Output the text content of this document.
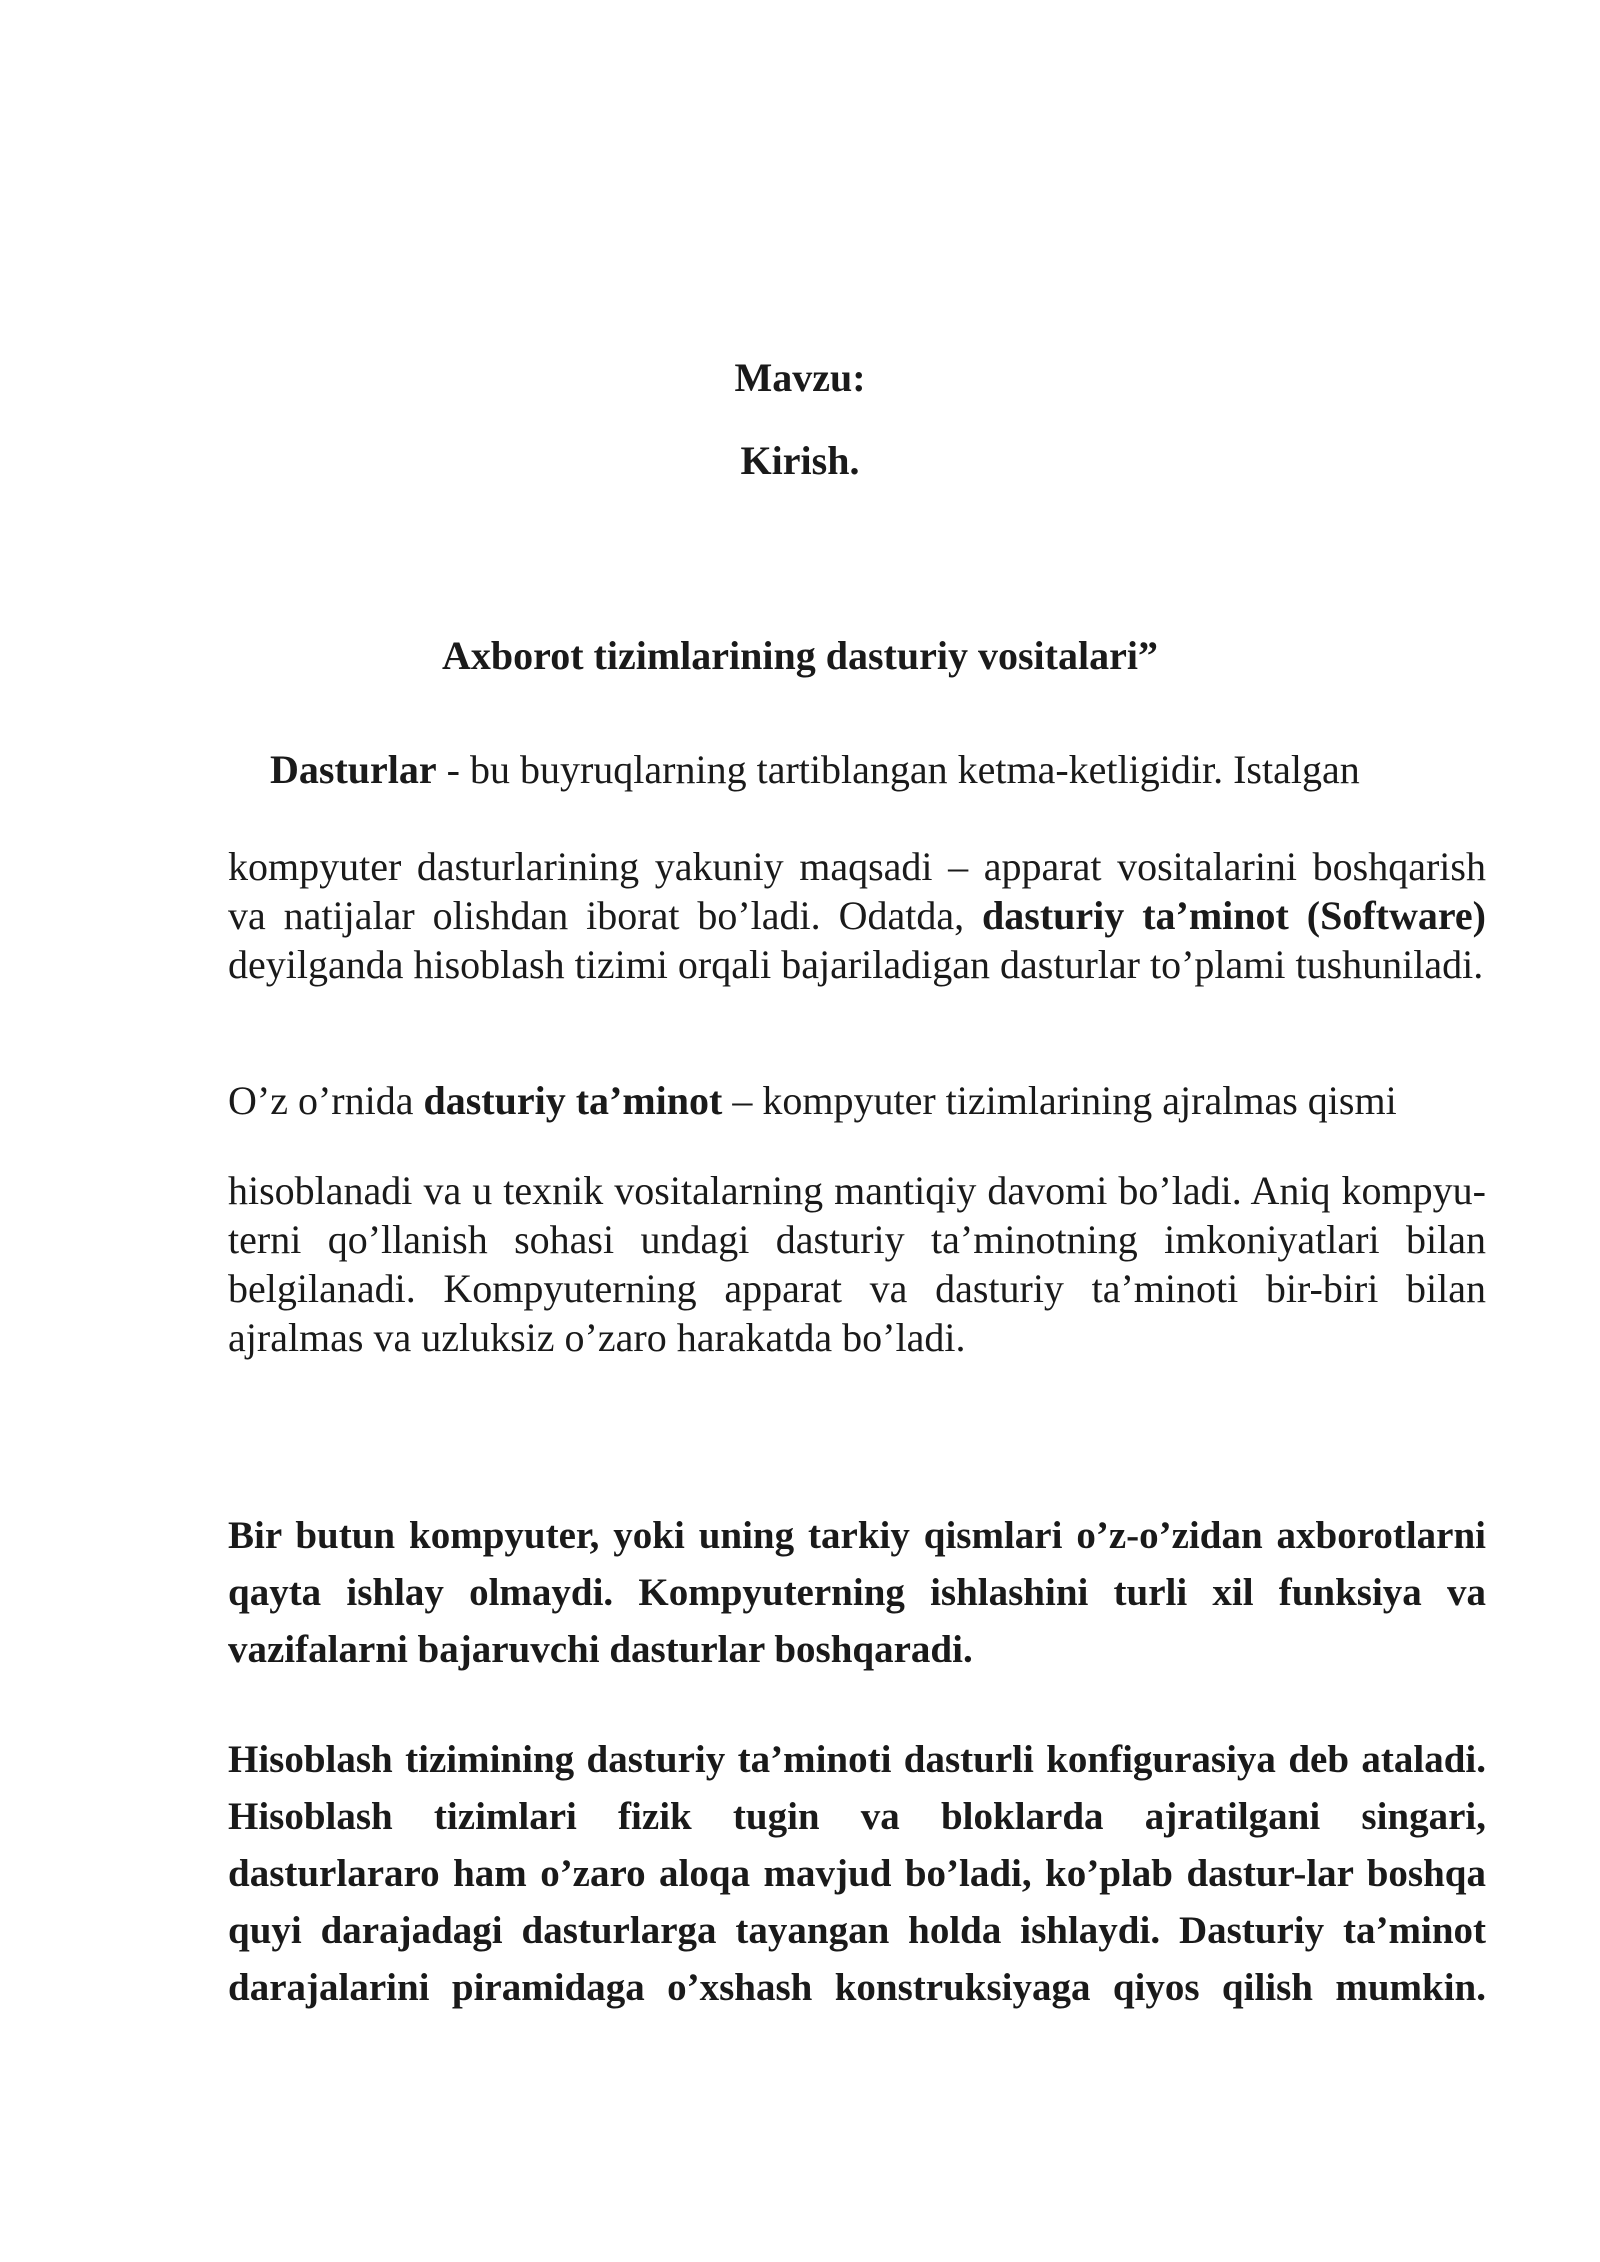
Mavzu:
Kirish.
Axborot tizimlarining dasturiy vositalari”
Dasturlar - bu buyruqlarning tartiblangan ketma-ketligidir. Istalgan
kompyuter dasturlarining yakuniy maqsadi – apparat vositalarini boshqarish va natijalar olishdan iborat bo’ladi. Odatda, dasturiy ta’minot (Software) deyilganda hisoblash tizimi orqali bajariladigan dasturlar to’plami tushuniladi.
O’z o’rnida dasturiy ta’minot – kompyuter tizimlarining ajralmas qismi
hisoblanadi va u texnik vositalarning mantiqiy davomi bo’ladi. Aniq kompyu-terni qo’llanish sohasi undagi dasturiy ta’minotning imkoniyatlari bilan belgilanadi. Kompyuterning apparat va dasturiy ta’minoti bir-biri bilan ajralmas va uzluksiz o’zaro harakatda bo’ladi.
Bir butun kompyuter, yoki uning tarkiy qismlari o’z-o’zidan axborotlarni qayta ishlay olmaydi. Kompyuterning ishlashini turli xil funksiya va vazifalarni bajaruvchi dasturlar boshqaradi.
Hisoblash tizimining dasturiy ta’minoti dasturli konfigurasiya deb ataladi. Hisoblash tizimlari fizik tugin va bloklarda ajratilgani singari, dasturlararo ham o’zaro aloqa mavjud bo’ladi, ko’plab dastur-lar boshqa quyi darajadagi dasturlarga tayangan holda ishlaydi. Dasturiy ta’minot darajalarini piramidaga o’xshash konstruksiyaga qiyos qilish mumkin.
